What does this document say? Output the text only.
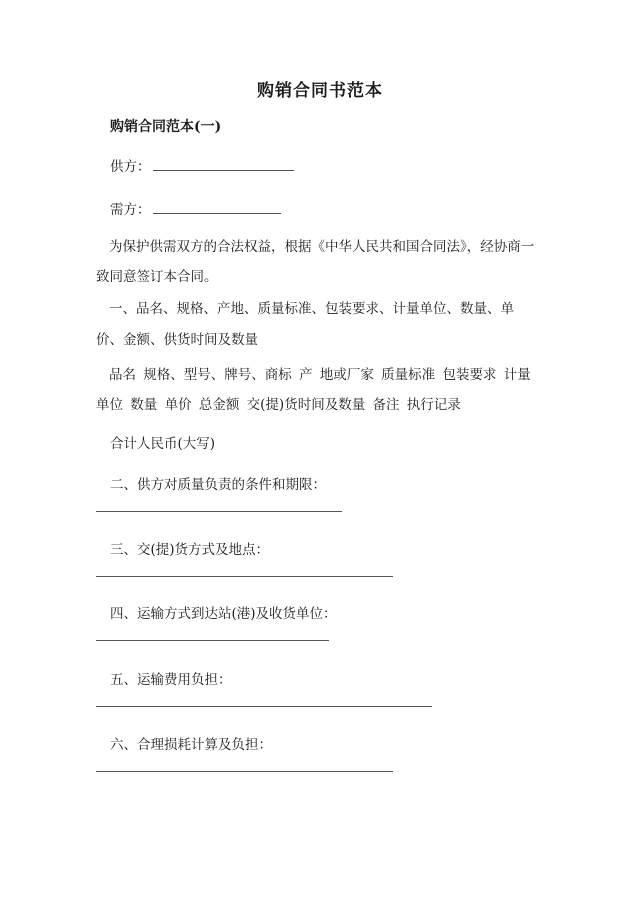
购销合同书范本
购销合同范本(一)
供方：
需方：
为保护供需双方的合法权益，根据《中华人民共和国合同法》，经协商一致同意签订本合同。
一、品名、规格、产地、质量标准、包装要求、计量单位、数量、单价、金额、供货时间及数量
品名 规格、型号、牌号、商标 产 地或厂家 质量标准 包装要求 计量单位 数量 单价 总金额 交(提)货时间及数量 备注 执行记录
合计人民币(大写)
二、供方对质量负责的条件和期限：
三、交(提)货方式及地点：
四、运输方式到达站(港)及收货单位：
五、运输费用负担：
六、合理损耗计算及负担：
